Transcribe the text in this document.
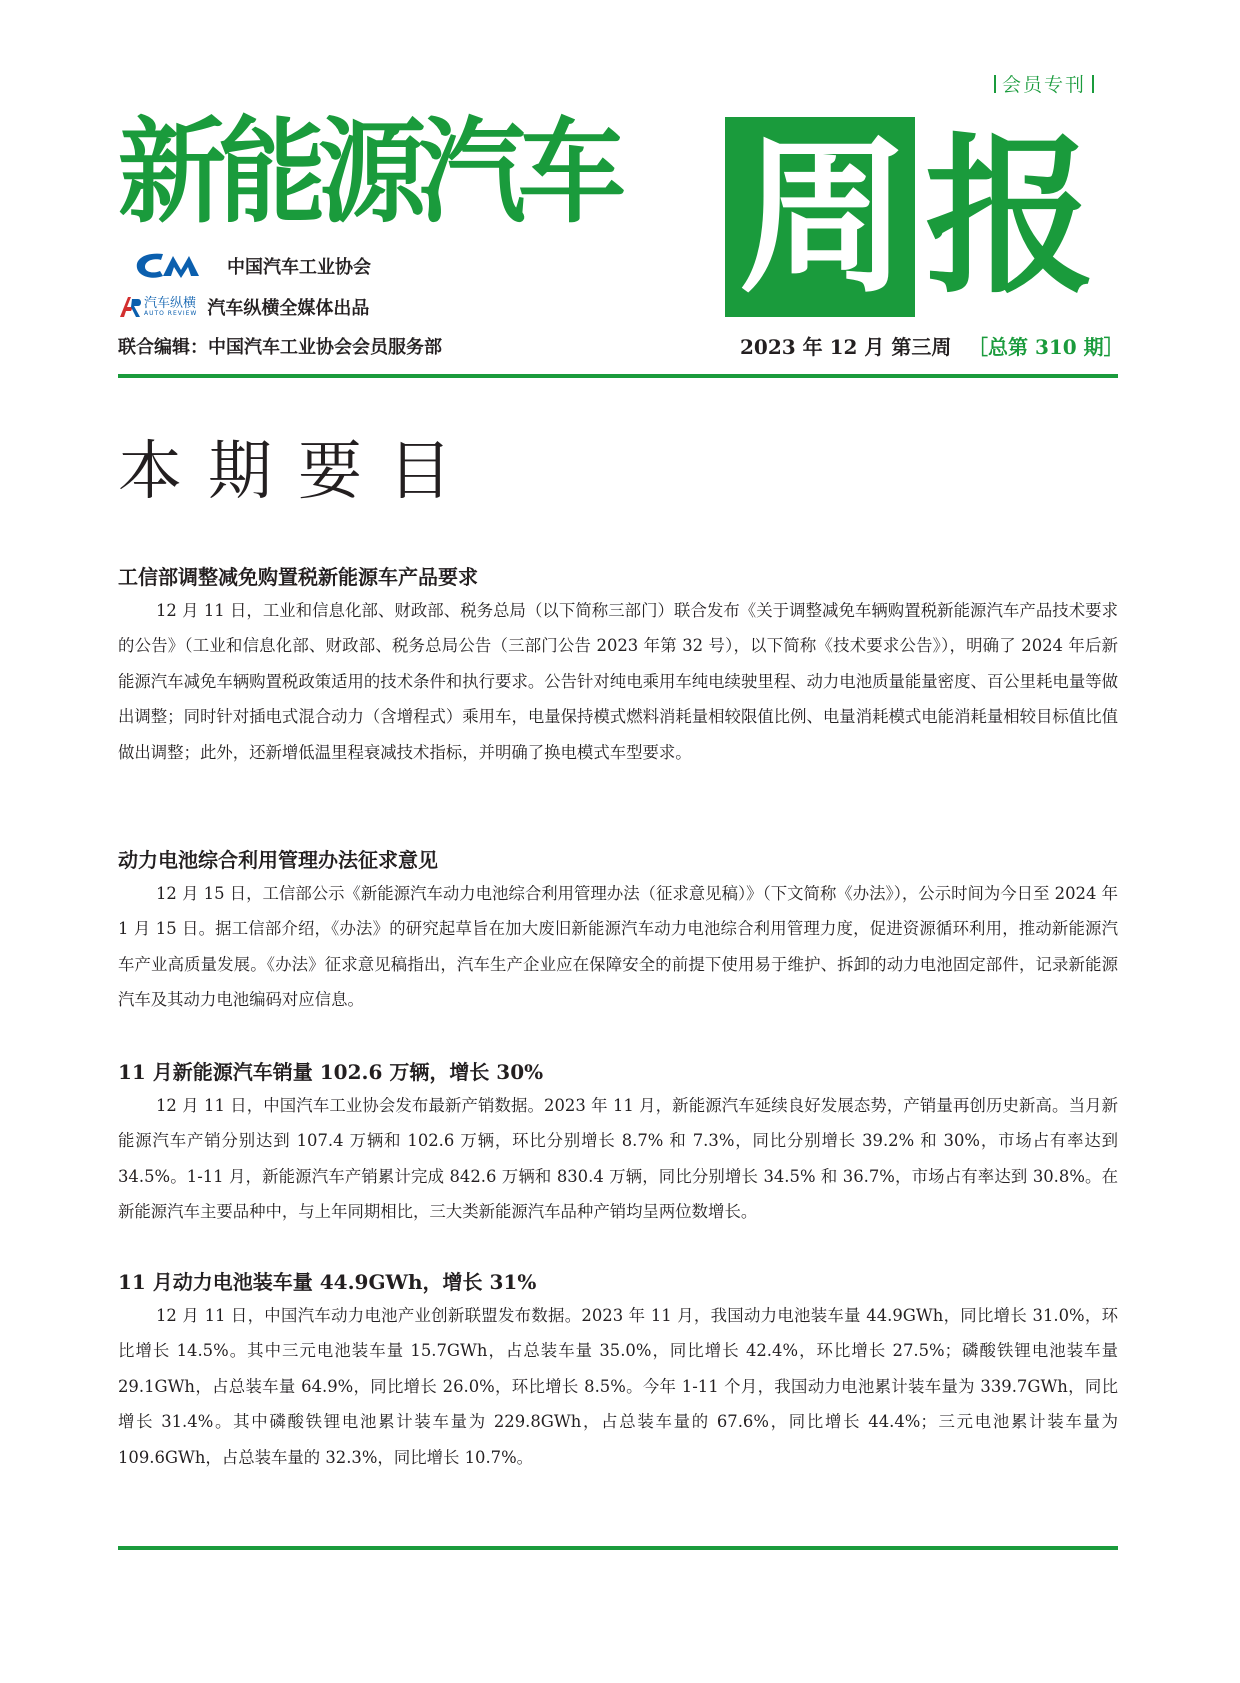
会员专刊
新能源汽车 周 报
中国汽车工业协会
汽车纵横
AUTO REVIEW 汽车纵横全媒体出品
联合编辑：中国汽车工业协会会员服务部	2023 年 12 月 第三周 ［总第 310 期］
本期要目
工信部调整减免购置税新能源车产品要求

12 月 11 日，工业和信息化部、财政部、税务总局（以下简称三部门）联合发布《关于调整减免车辆购置税新能源汽车产品技术要求的公告》（工业和信息化部、财政部、税务总局公告（三部门公告 2023 年第 32 号），以下简称《技术要求公告》），明确了 2024 年后新能源汽车减免车辆购置税政策适用的技术条件和执行要求。公告针对纯电乘用车纯电续驶里程、动力电池质量能量密度、百公里耗电量等做出调整；同时针对插电式混合动力（含增程式）乘用车，电量保持模式燃料消耗量相较限值比例、电量消耗模式电能消耗量相较目标值比值做出调整；此外，还新增低温里程衰减技术指标，并明确了换电模式车型要求。

动力电池综合利用管理办法征求意见

12 月 15 日，工信部公示《新能源汽车动力电池综合利用管理办法（征求意见稿）》（下文简称《办法》），公示时间为今日至 2024 年 1 月 15 日。据工信部介绍，《办法》的研究起草旨在加大废旧新能源汽车动力电池综合利用管理力度，促进资源循环利用，推动新能源汽车产业高质量发展。《办法》征求意见稿指出，汽车生产企业应在保障安全的前提下使用易于维护、拆卸的动力电池固定部件，记录新能源汽车及其动力电池编码对应信息。

11 月新能源汽车销量 102.6 万辆，增长 30%

12 月 11 日，中国汽车工业协会发布最新产销数据。2023 年 11 月，新能源汽车延续良好发展态势，产销量再创历史新高。当月新能源汽车产销分别达到 107.4 万辆和 102.6 万辆，环比分别增长 8.7% 和 7.3%，同比分别增长 39.2% 和 30%，市场占有率达到 34.5%。1-11 月，新能源汽车产销累计完成 842.6 万辆和 830.4 万辆，同比分别增长 34.5% 和 36.7%，市场占有率达到 30.8%。在新能源汽车主要品种中，与上年同期相比，三大类新能源汽车品种产销均呈两位数增长。

11 月动力电池装车量 44.9GWh，增长 31%

12 月 11 日，中国汽车动力电池产业创新联盟发布数据。2023 年 11 月，我国动力电池装车量 44.9GWh，同比增长 31.0%，环比增长 14.5%。其中三元电池装车量 15.7GWh，占总装车量 35.0%，同比增长 42.4%，环比增长 27.5%；磷酸铁锂电池装车量 29.1GWh，占总装车量 64.9%，同比增长 26.0%，环比增长 8.5%。今年 1-11 个月，我国动力电池累计装车量为 339.7GWh，同比增长 31.4%。其中磷酸铁锂电池累计装车量为 229.8GWh，占总装车量的 67.6%，同比增长 44.4%；三元电池累计装车量为 109.6GWh，占总装车量的 32.3%，同比增长 10.7%。
